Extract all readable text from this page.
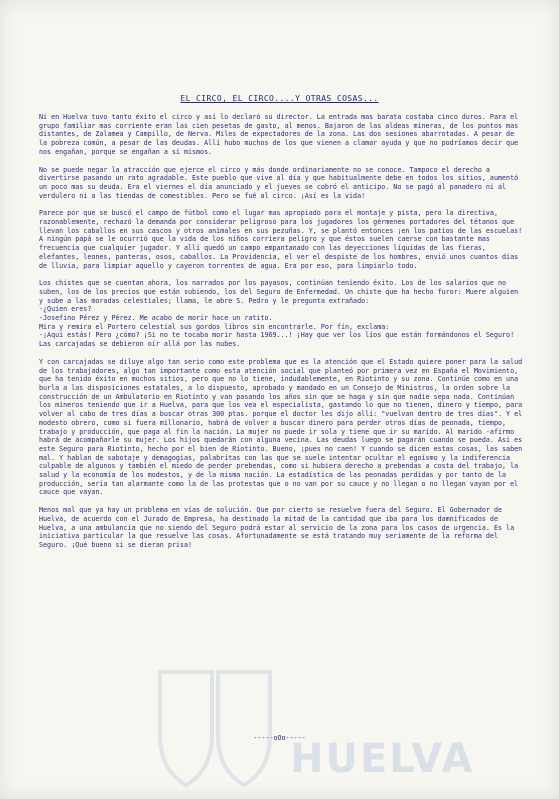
EL CIRCO, EL CIRCO....Y OTRAS COSAS...

Ni en Huelva tuvo tanto éxito el circo y así lo declaró su director. La entrada mas barata costaba cinco duros. Para el grupo familiar mas corriente eran las cien pesetas de gasto, al menos. Bajaron de las aldeas mineras, de los puntos mas distantes, de Zalamea y Campillo, de Nerva. Miles de expectadores de la zona. Las dos sesiones abarrotadas. A pesar de la pobreza común, a pesar de las deudas. Allí hubo muchos de los que vienen a clamar ayuda y que no podríamos decir que nos engañan, porque se engañan a sí mismos.

No se puede negar la atracción que ejerce el circo y más donde ordinariamente no se conoce. Tampoco el derecho a divertirse pasando un rato agradable. Este pueblo que vive al día y que habitualmente debe en todos los sitios, aumentó un poco mas su deuda. Era el viernes el día anunciado y el jueves se cobró el anticipo. No se pagó al panadero ni al verdulero ni a las tiendas de comestibles. Pero se fué al circo. ¡Así es la vida!

Parece por que se buscó el campo de fútbol como el lugar mas apropiado para el montaje y pista, pero la directiva, razonablemente, rechazó la demanda por considerar peligroso para los jugadores los gérmenes portadores del tétanos que llevan los caballos en sus cascos y otros animales en sus pezuñas. Y, se plantó entonces ¡en los patios de las escuelas! A ningún papá se le ocurrió que la vida de los niños corriera peligro y que éstos suelen caerse con bastante mas frecuencia que cualquier jugador. Y allí quedó un campo empantanado con las deyecciones líquidas de las fieras, elefantes, leones, panteras, osos, caballos. La Providencia, el ver el despiste de los hombres, envió unos cuantos días de lluvia, para limpiar aquello y cayeron torrentes de agua. Era por eso, para limpiarlo todo.

Los chistes que se cuentan ahora, los narrados por los payasos, continúan teniendo éxito. Los de los salarios que no suben, los de los precios que están subiendo, los del Seguro de Enfermedad. Un chiste que ha hecho furor: Muere alguien y sube a las moradas celestiales; llama, le abre S. Pedro y le pregunta extrañado:

-¿Quien eres?

-Josefino Pérez y Pérez. Me acabo de morir hace un ratito.

Mira y remira el Portero celestial sus gordos libros sin encontrarle. Por fín, exclama:

-¡Aquí estás! Pero ¿cómo? ¡Si no te tocaba morir hasta 1969...! ¡Hay que ver los líos que están formándonos el Seguro!

Las carcajadas se debieron oír allá por las nubes.

Y con carcajadas se diluye algo tan serio como este problema que es la atención que el Estado quiere poner para la salud de los trabajadores, algo tan importante como esta atención social que planteó por primera vez en España el Movimiento, que ha tenido éxito en muchos sitios, pero que no lo tiene, indudablemente, en Riotinto y su zona. Continúe como en una burla a las disposiciones estatales, a lo dispuesto, aprobado y mandado en un Consejo de Ministros, la orden sobre la construcción de un Ambulatorio en Riotinto y van pasando los años sin que se haga y sin que nadie sepa nada. Continúan los mineros teniendo que ir a Huelva, para que los vea el especialista, gastando lo que no tienen, dinero y tiempo, para volver al cabo de tres días a buscar otras 300 ptas. porque el doctor les dijo allí: "vuelvan dentro de tres días". Y el modesto obrero, como si fuera millonario, habrá de volver a buscar dinero para perder otros días de peonada, tiempo, trabajo y producción, que paga al fin la nación. La mujer no puede ir sola y tiene que ir su marido. Al marido -afirmo habrá de acompañarle su mujer. Los hijos quedarán con alguna vecina. Las deudas luego se pagarán cuando se pueda. Así es este Seguro para Riotinto, hecho por el bien de Riotinto. Bueno, ¡pues no caen! Y cuando se dicen estas cosas, las saben mal. Y hablan de sabotaje y demagogias, palabritas con las que se suele intentar ocultar el egoísmo y la indiferencia culpable de algunos y también el miedo de perder prebendas, como si hubiera derecho a prebendas a costa del trabajo, la salud y la economía de los modestos, y de la misma nación. La estadística de las peonadas perdidas y por tanto de la producción, sería tan alarmante como la de las protestas que o no van por su cauce y no llegan o no llegan vayan por el cauce que vayan.

Menos mal que ya hay un problema en vías de solución. Que por cierto se resuelve fuera del Seguro. El Gobernador de Huelva, de acuerdo con el Jurado de Empresa, ha destinado la mitad de la cantidad que iba para los damnificados de Huelva, a una ambulancia que no siendo del Seguro podrá estar al servicio de la zona para los casos de urgencia. Es la iniciativa particular la que resuelve las cosas. Afortunadamente se está tratando muy seriamente de la reforma del Seguro. ¡Qué bueno si se dieran prisa!

-----oOo-----
HUELVA
